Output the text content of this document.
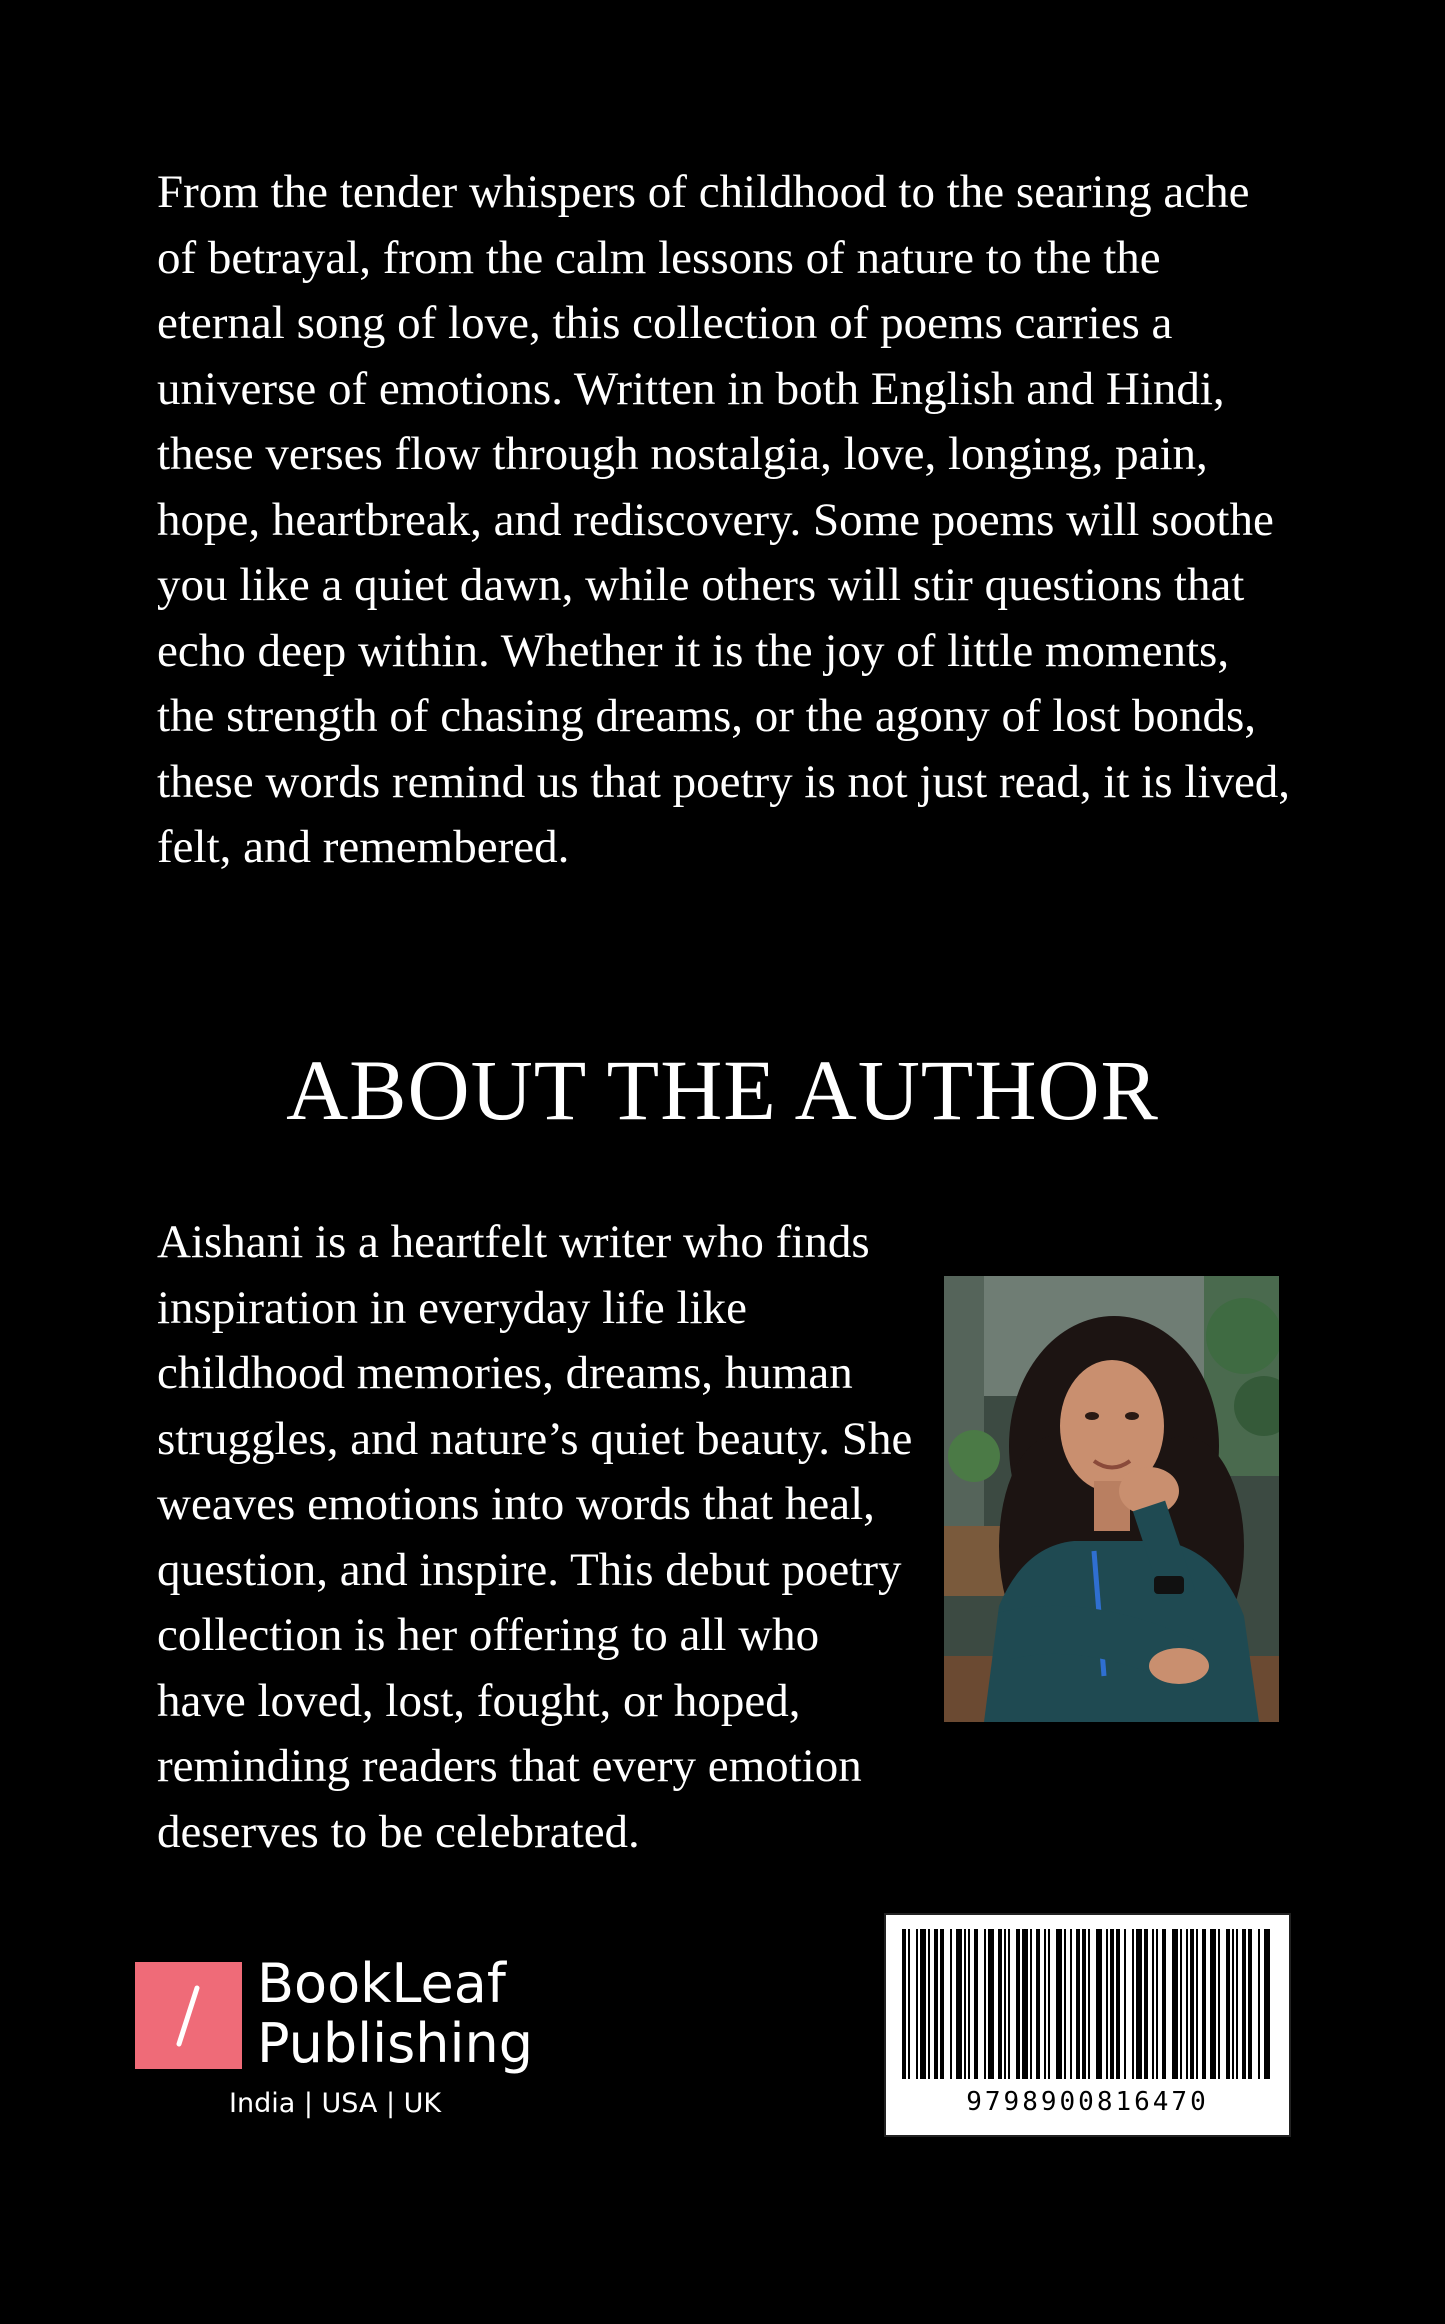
From the tender whispers of childhood to the searing ache of betrayal, from the calm lessons of nature to the the eternal song of love, this collection of poems carries a universe of emotions. Written in both English and Hindi, these verses flow through nostalgia, love, longing, pain, hope, heartbreak, and rediscovery. Some poems will soothe you like a quiet dawn, while others will stir questions that echo deep within. Whether it is the joy of little moments, the strength of chasing dreams, or the agony of lost bonds, these words remind us that poetry is not just read, it is lived, felt, and remembered.

ABOUT THE AUTHOR

Aishani is a heartfelt writer who finds inspiration in everyday life like childhood memories, dreams, human struggles, and nature’s quiet beauty. She weaves emotions into words that heal, question, and inspire. This debut poetry collection is her offering to all who have loved, lost, fought, or hoped, reminding readers that every emotion deserves to be celebrated.

BookLeaf
Publishing
India | USA | UK	9798900816470
